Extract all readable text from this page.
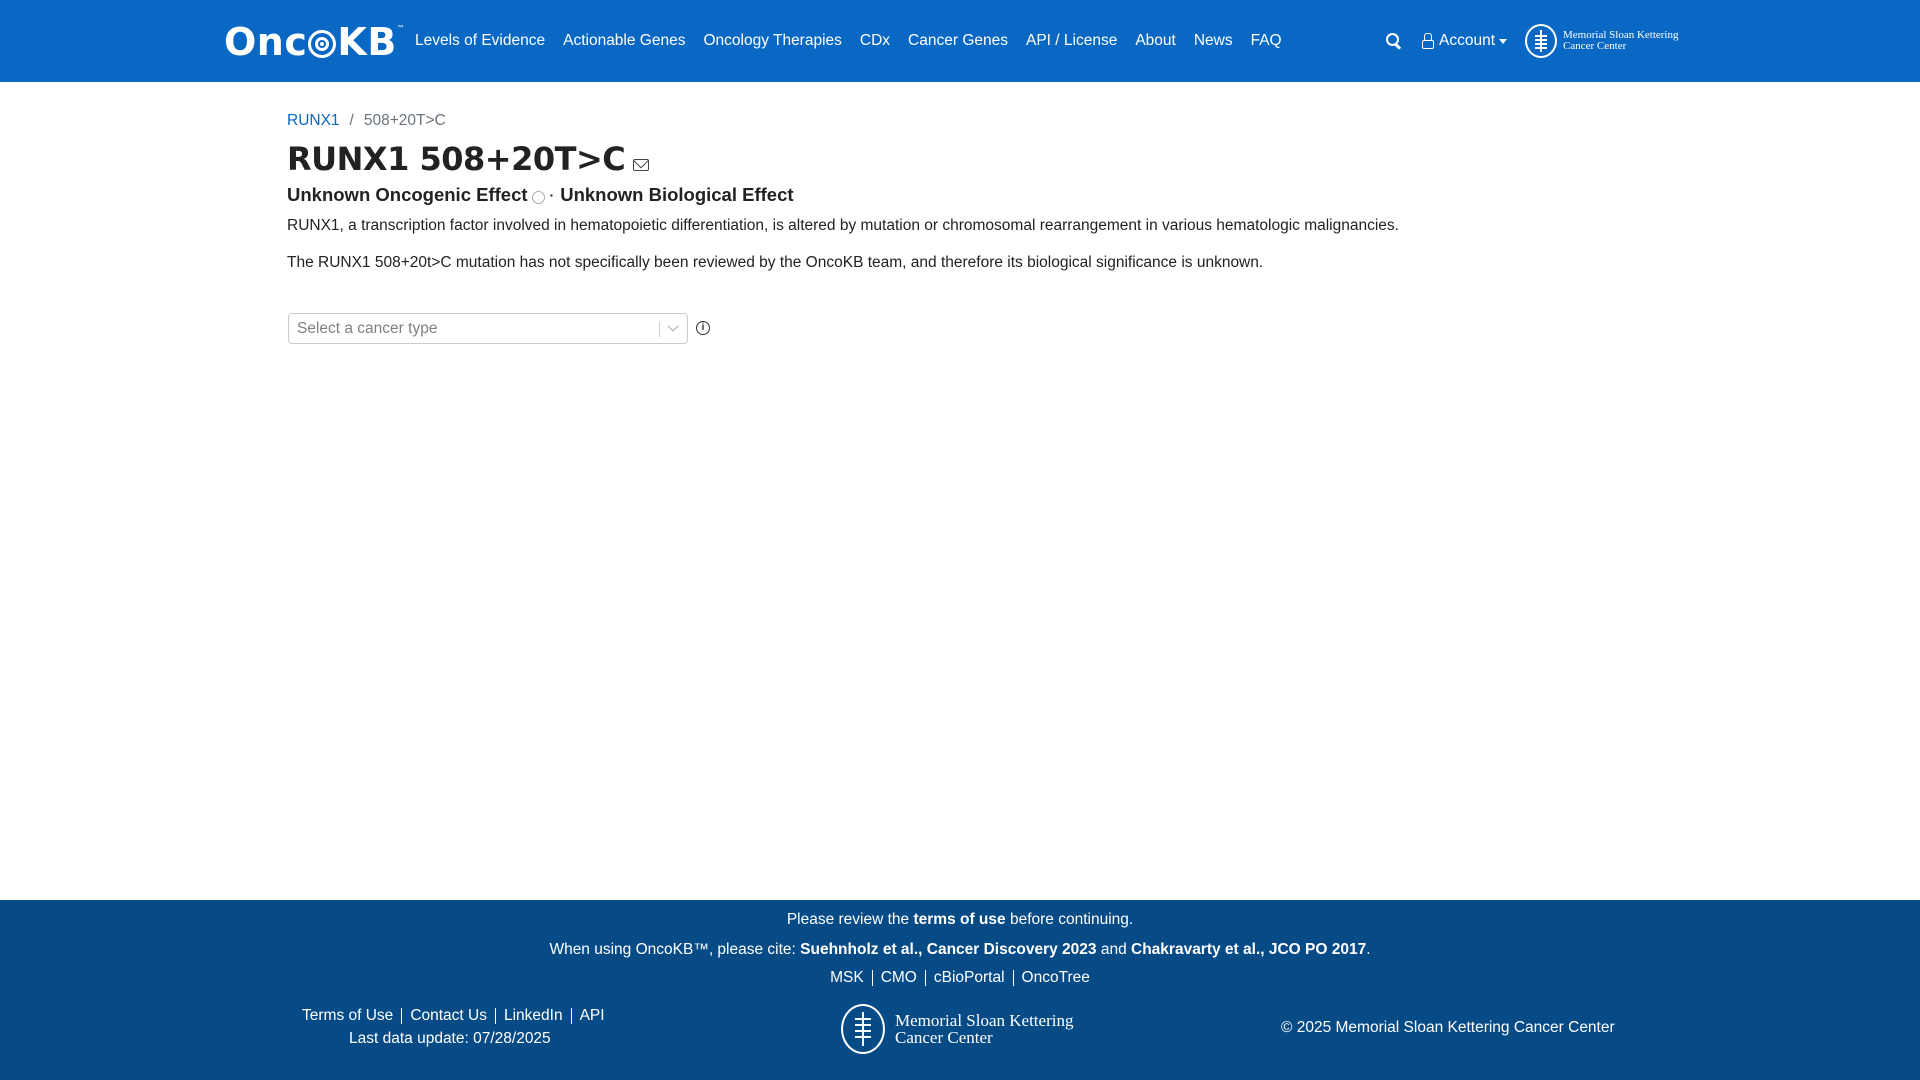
Onc KB ™
Levels of Evidence Actionable Genes Oncology Therapies CDx Cancer Genes API / License About News FAQ	Account	Memorial Sloan Kettering
Cancer Center
RUNX1 / 508+20T>C
RUNX1 508+20T>C
Unknown Oncogenic Effect · Unknown Biological Effect
RUNX1, a transcription factor involved in hematopoietic differentiation, is altered by mutation or chromosomal rearrangement in various hematologic malignancies.
The RUNX1 508+20t>C mutation has not specifically been reviewed by the OncoKB team, and therefore its biological significance is unknown.
Select a cancer type	i
Please review the terms of use before continuing.
When using OncoKB™, please cite: Suehnholz et al., Cancer Discovery 2023 and Chakravarty et al., JCO PO 2017.
MSK CMO cBioPortal OncoTree
Terms of Use Contact Us LinkedIn API
Last data update: 07/28/2025
Memorial Sloan Kettering
Cancer Center
© 2025 Memorial Sloan Kettering Cancer Center
